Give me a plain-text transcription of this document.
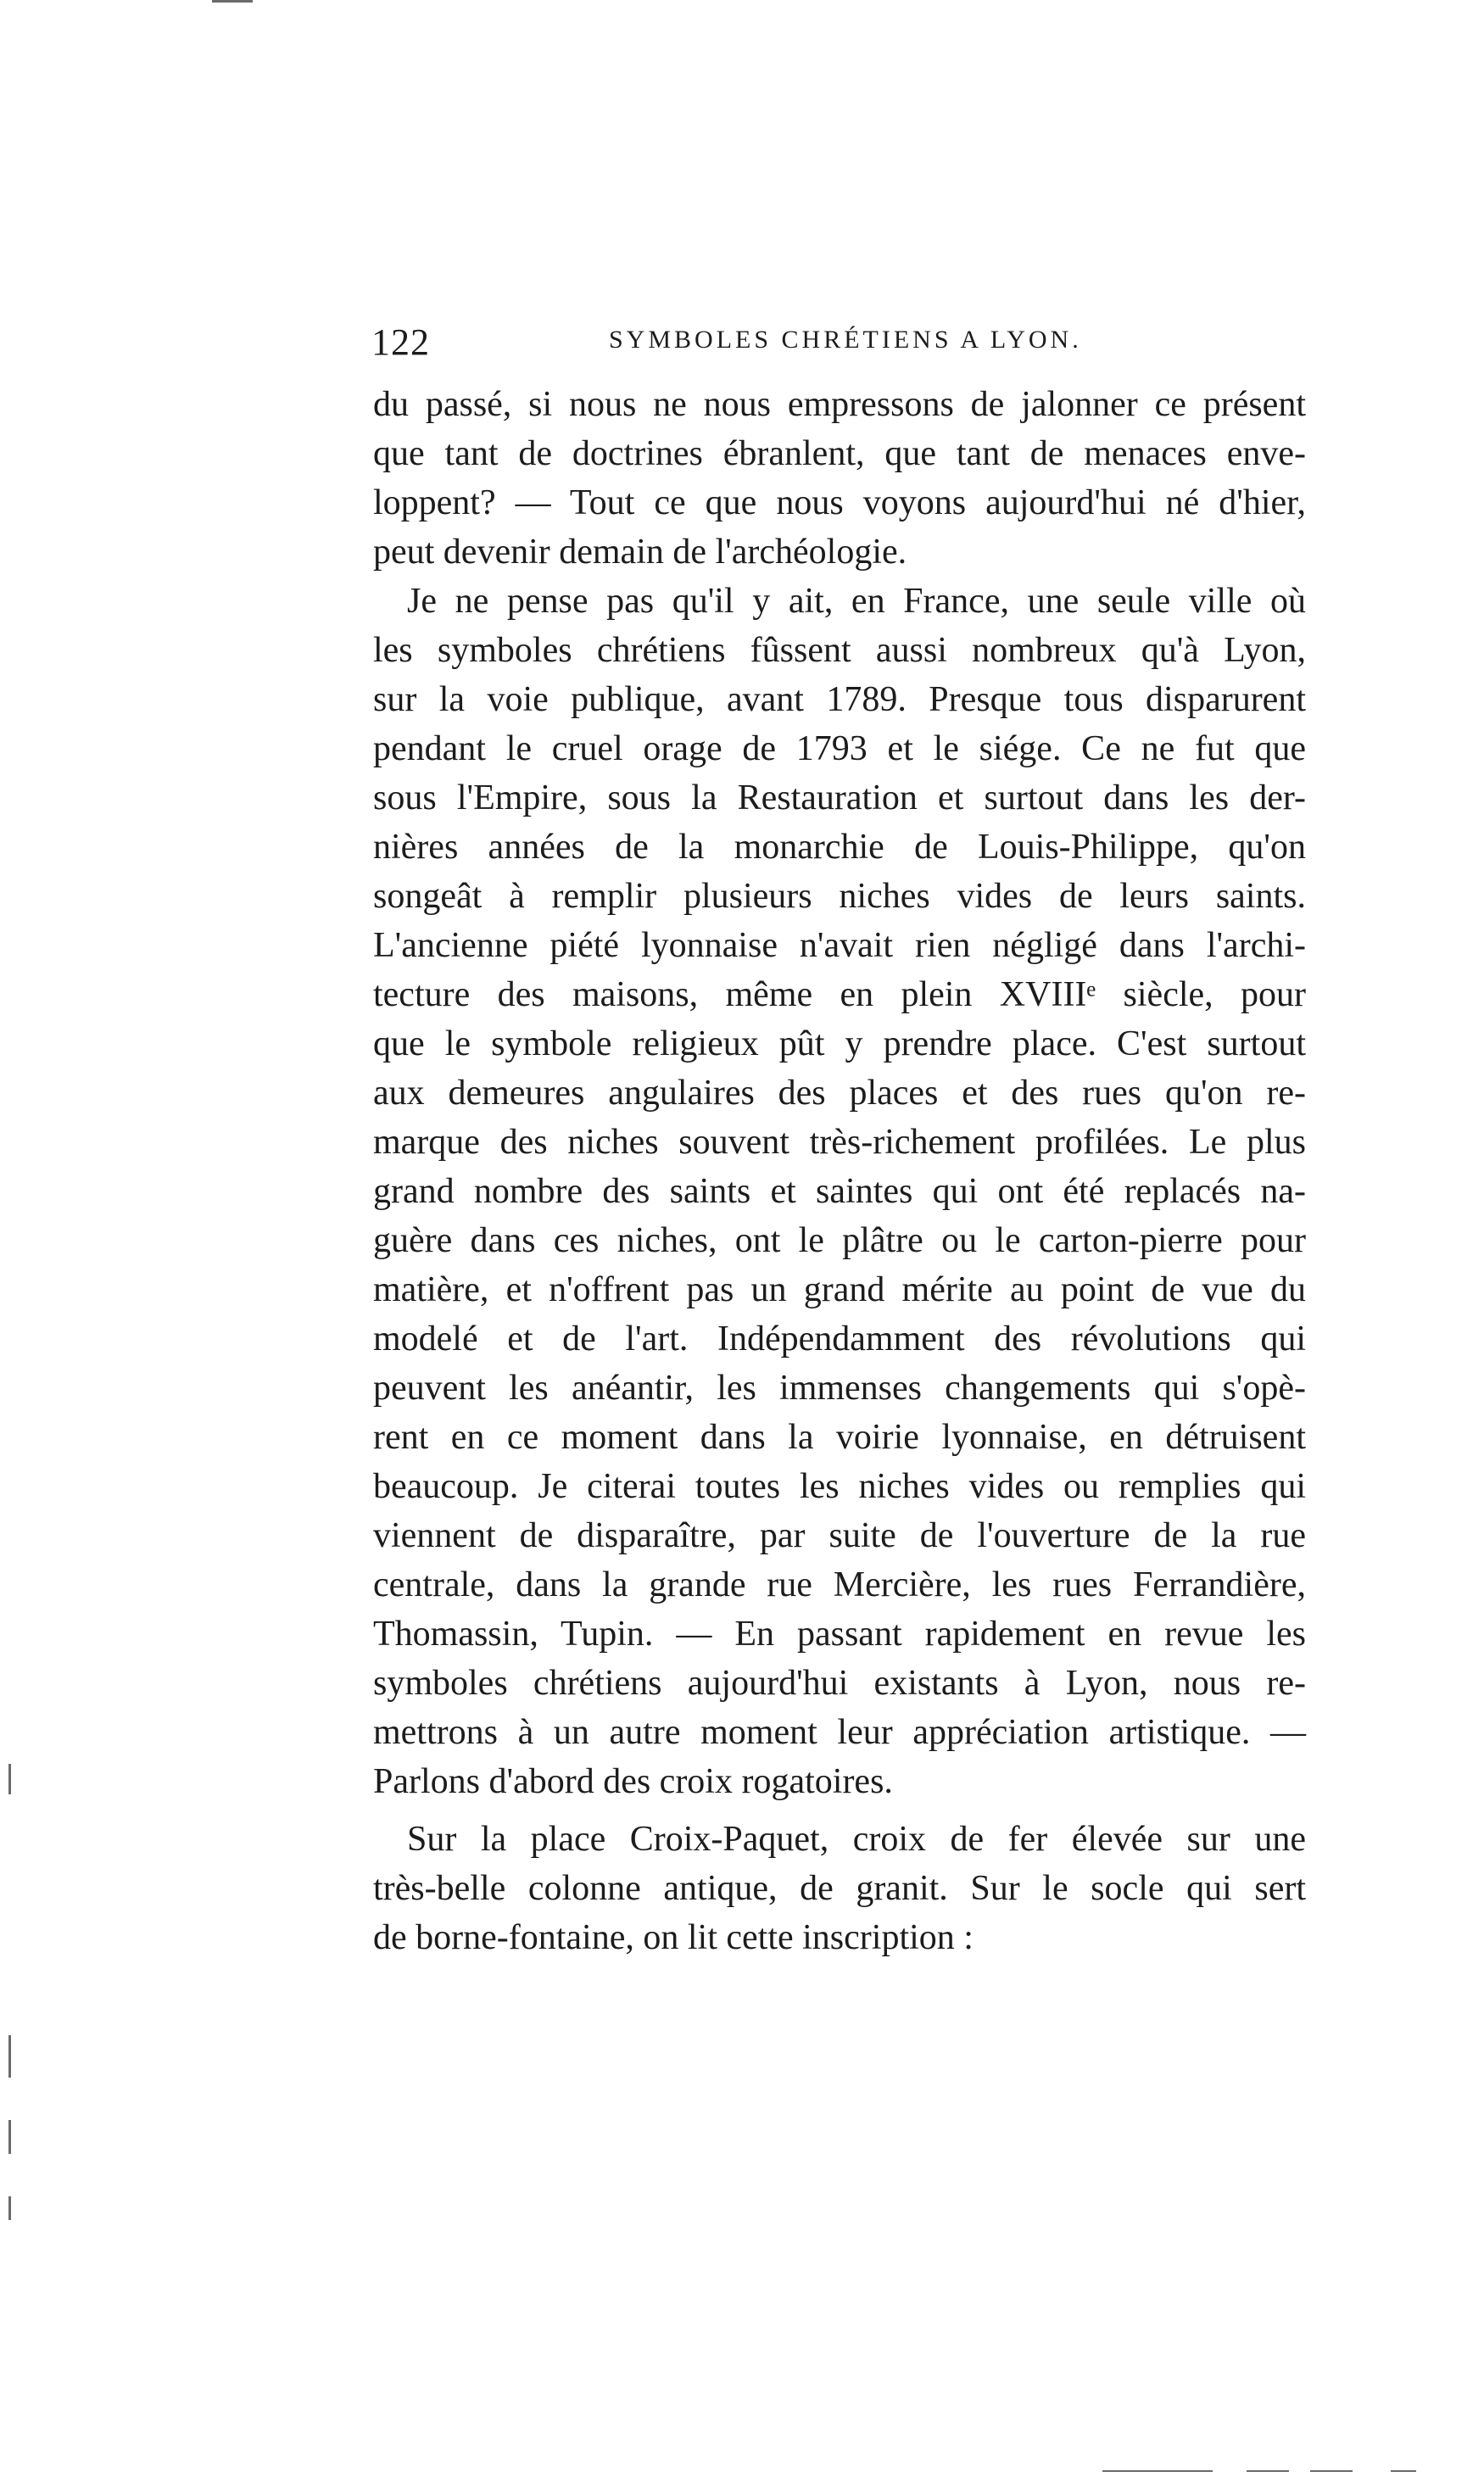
122	SYMBOLES CHRÉTIENS A LYON.
du passé, si nous ne nous empressons de jalonner ce présent
que tant de doctrines ébranlent, que tant de menaces enve-
loppent? — Tout ce que nous voyons aujourd'hui né d'hier,
peut devenir demain de l'archéologie.
Je ne pense pas qu'il y ait, en France, une seule ville où
les symboles chrétiens fûssent aussi nombreux qu'à Lyon,
sur la voie publique, avant 1789. Presque tous disparurent
pendant le cruel orage de 1793 et le siége. Ce ne fut que
sous l'Empire, sous la Restauration et surtout dans les der-
nières années de la monarchie de Louis-Philippe, qu'on
songeât à remplir plusieurs niches vides de leurs saints.
L'ancienne piété lyonnaise n'avait rien négligé dans l'archi-
tecture des maisons, même en plein XVIIIᵉ siècle, pour
que le symbole religieux pût y prendre place. C'est surtout
aux demeures angulaires des places et des rues qu'on re-
marque des niches souvent très-richement profilées. Le plus
grand nombre des saints et saintes qui ont été replacés na-
guère dans ces niches, ont le plâtre ou le carton-pierre pour
matière, et n'offrent pas un grand mérite au point de vue du
modelé et de l'art. Indépendamment des révolutions qui
peuvent les anéantir, les immenses changements qui s'opè-
rent en ce moment dans la voirie lyonnaise, en détruisent
beaucoup. Je citerai toutes les niches vides ou remplies qui
viennent de disparaître, par suite de l'ouverture de la rue
centrale, dans la grande rue Mercière, les rues Ferrandière,
Thomassin, Tupin. — En passant rapidement en revue les
symboles chrétiens aujourd'hui existants à Lyon, nous re-
mettrons à un autre moment leur appréciation artistique. —
Parlons d'abord des croix rogatoires.
Sur la place Croix-Paquet, croix de fer élevée sur une
très-belle colonne antique, de granit. Sur le socle qui sert
de borne-fontaine, on lit cette inscription :
